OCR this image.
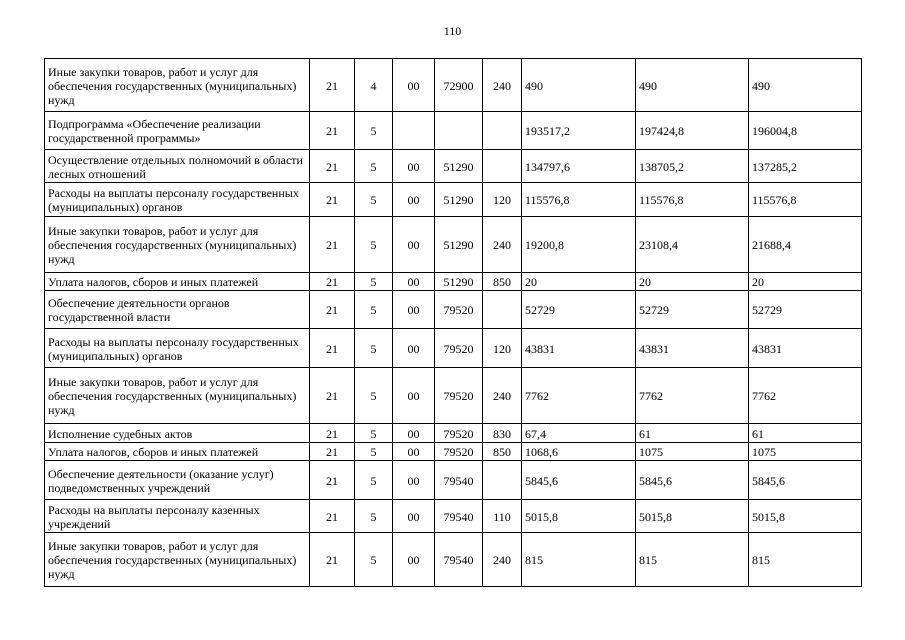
110
Иные закупки товаров, работ и услуг для обеспечения государственных (муниципальных) нужд	21	4	00	72900	240	490	490	490
Подпрограмма «Обеспечение реализации государственной программы»	21	5				193517,2	197424,8	196004,8
Осуществление отдельных полномочий в области лесных отношений	21	5	00	51290		134797,6	138705,2	137285,2
Расходы на выплаты персоналу государственных (муниципальных) органов	21	5	00	51290	120	115576,8	115576,8	115576,8
Иные закупки товаров, работ и услуг для обеспечения государственных (муниципальных) нужд	21	5	00	51290	240	19200,8	23108,4	21688,4
Уплата налогов, сборов и иных платежей	21	5	00	51290	850	20	20	20
Обеспечение деятельности органов государственной власти	21	5	00	79520		52729	52729	52729
Расходы на выплаты персоналу государственных (муниципальных) органов	21	5	00	79520	120	43831	43831	43831
Иные закупки товаров, работ и услуг для обеспечения государственных (муниципальных) нужд	21	5	00	79520	240	7762	7762	7762
Исполнение судебных актов	21	5	00	79520	830	67,4	61	61
Уплата налогов, сборов и иных платежей	21	5	00	79520	850	1068,6	1075	1075
Обеспечение деятельности (оказание услуг) подведомственных учреждений	21	5	00	79540		5845,6	5845,6	5845,6
Расходы на выплаты персоналу казенных учреждений	21	5	00	79540	110	5015,8	5015,8	5015,8
Иные закупки товаров, работ и услуг для обеспечения государственных (муниципальных) нужд	21	5	00	79540	240	815	815	815
